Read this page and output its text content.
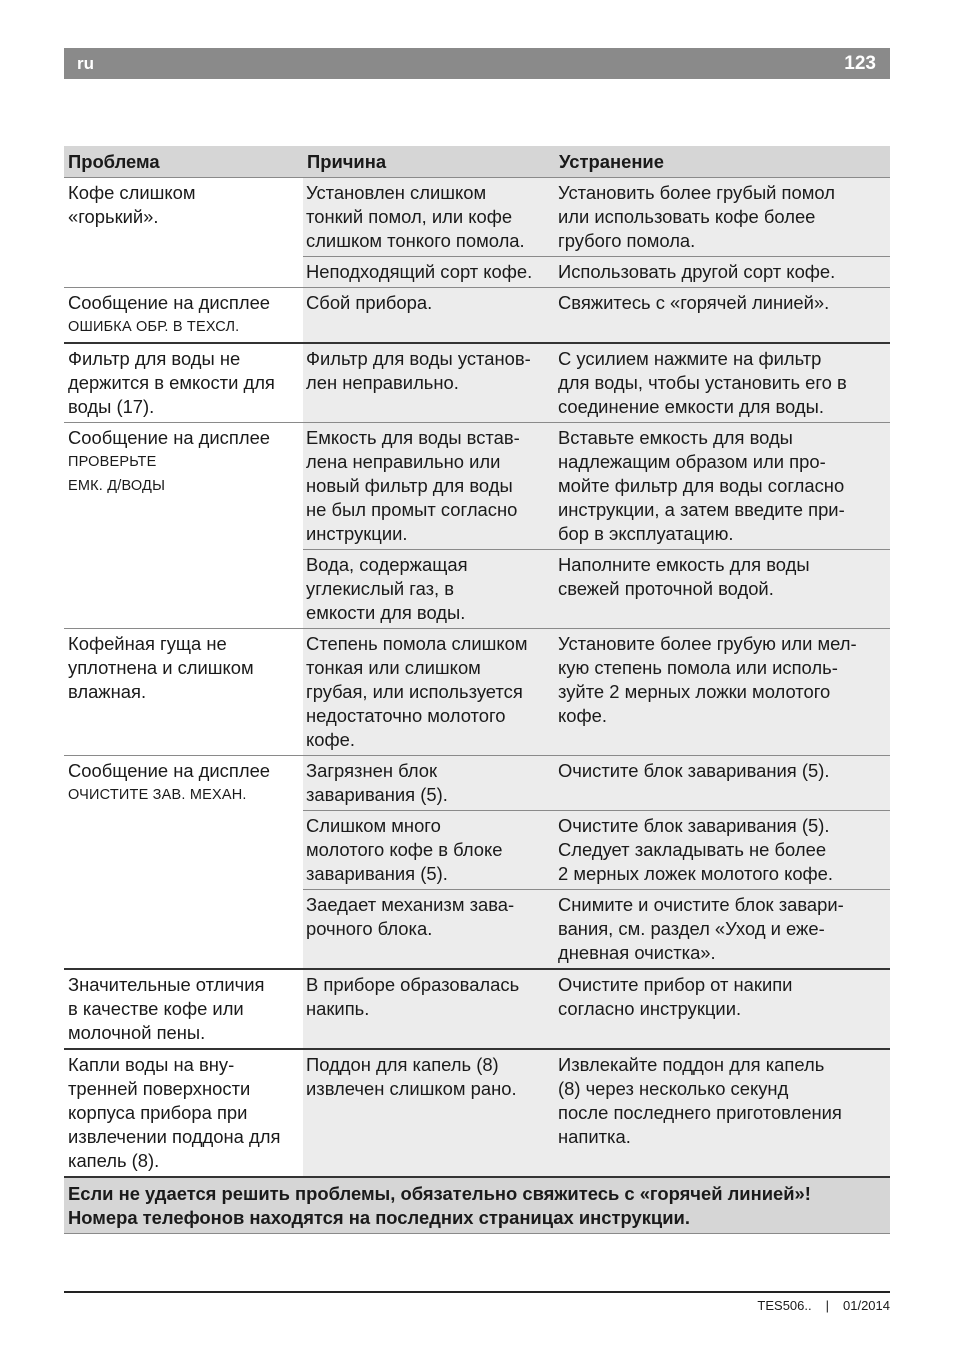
ru	123
Проблема	Причина	Устранение

Кофе слишком
«горький».	Установлен слишком
тонкий помол, или кофе
слишком тонкого помола.	Установить более грубый помол
или использовать кофе более
грубого помола.

	Неподходящий сорт кофе.	Использовать другой сорт кофе.

Сообщение на дисплее
ОШИБКА ОБР. В ТЕХСЛ.	Сбой прибора.	Свяжитесь с «горячей линией».

Фильтр для воды не
держится в емкости для
воды (17).	Фильтр для воды установ-
лен неправильно.	С усилием нажмите на фильтр
для воды, чтобы установить его в
соединение емкости для воды.

Сообщение на дисплее
ПРОВЕРЬТЕ
ЕМК. Д/ВОДЫ	Емкость для воды встав-
лена неправильно или
новый фильтр для воды
не был промыт согласно
инструкции.	Вставьте емкость для воды
надлежащим образом или про-
мойте фильтр для воды согласно
инструкции, а затем введите при-
бор в эксплуатацию.

	Вода, содержащая
углекислый газ, в
емкости для воды.	Наполните емкость для воды
свежей проточной водой.

Кофейная гуща не
уплотнена и слишком
влажная.	Степень помола слишком
тонкая или слишком
грубая, или используется
недостаточно молотого
кофе.	Установите более грубую или мел-
кую степень помола или исполь-
зуйте 2 мерных ложки молотого
кофе.

Сообщение на дисплее
ОЧИСТИТЕ ЗАВ. МЕХАН.	Загрязнен блок
заваривания (5).	Очистите блок заваривания (5).

	Слишком много
молотого кофе в блоке
заваривания (5).	Очистите блок заваривания (5).
Следует закладывать не более
2 мерных ложек молотого кофе.

	Заедает механизм зава-
рочного блока.	Снимите и очистите блок завари-
вания, см. раздел «Уход и еже-
дневная очистка».

Значительные отличия
в качестве кофе или
молочной пены.	В приборе образовалась
накипь.	Очистите прибор от накипи
согласно инструкции.

Капли воды на вну-
тренней поверхности
корпуса прибора при
извлечении поддона для
капель (8).	Поддон для капель (8)
извлечен слишком рано.	Извлекайте поддон для капель
(8) через несколько секунд
после последнего приготовления
напитка.

Если не удается решить проблемы, обязательно свяжитесь с «горячей линией»!
Номера телефонов находятся на последних страницах инструкции.		
TES506.. | 01/2014
